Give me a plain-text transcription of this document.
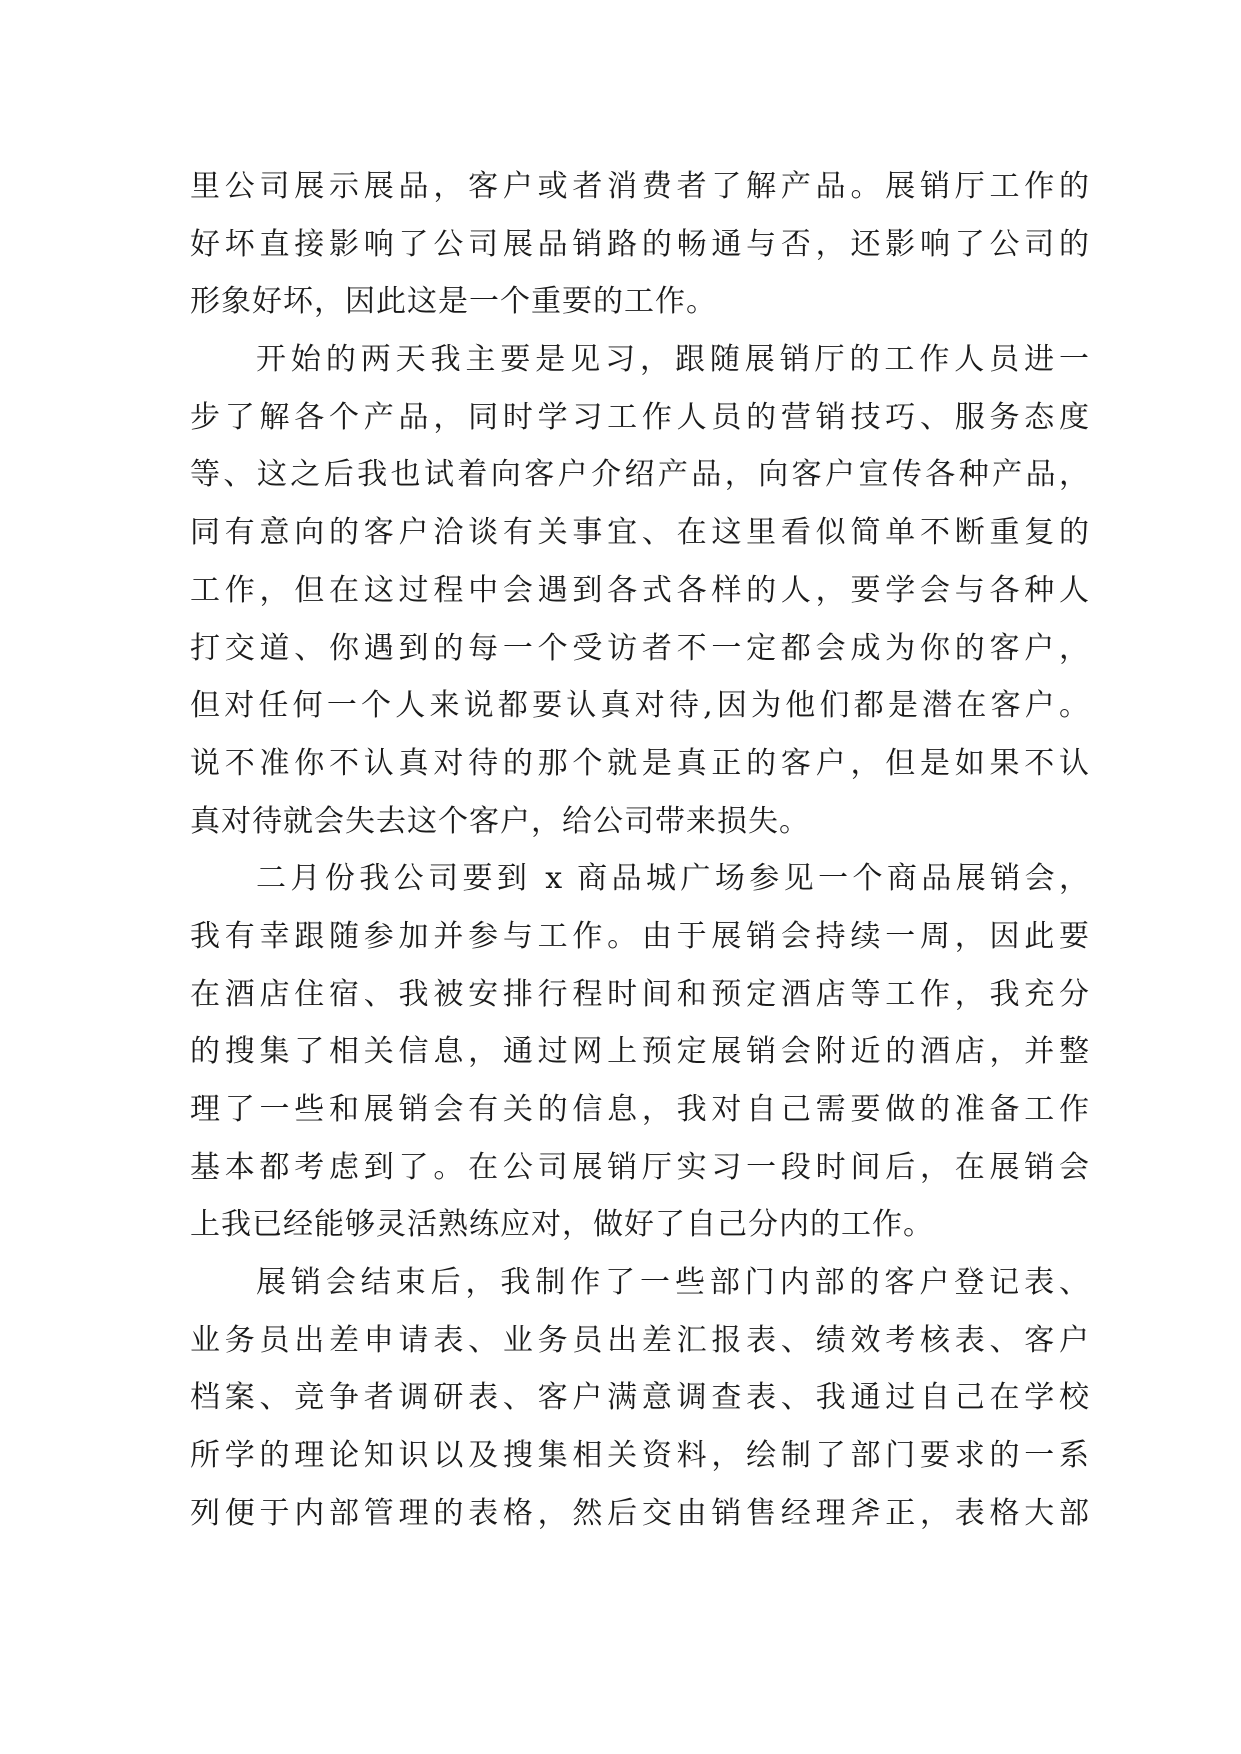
里公司展示展品，客户或者消费者了解产品。展销厅工作的
好坏直接影响了公司展品销路的畅通与否，还影响了公司的
形象好坏，因此这是一个重要的工作。
开始的两天我主要是见习，跟随展销厅的工作人员进一
步了解各个产品，同时学习工作人员的营销技巧、服务态度
等、这之后我也试着向客户介绍产品，向客户宣传各种产品，
同有意向的客户洽谈有关事宜、在这里看似简单不断重复的
工作，但在这过程中会遇到各式各样的人，要学会与各种人
打交道、你遇到的每一个受访者不一定都会成为你的客户，
但对任何一个人来说都要认真对待,因为他们都是潜在客户。
说不准你不认真对待的那个就是真正的客户，但是如果不认
真对待就会失去这个客户，给公司带来损失。
二月份我公司要到 x 商品城广场参见一个商品展销会，
我有幸跟随参加并参与工作。由于展销会持续一周，因此要
在酒店住宿、我被安排行程时间和预定酒店等工作，我充分
的搜集了相关信息，通过网上预定展销会附近的酒店，并整
理了一些和展销会有关的信息，我对自己需要做的准备工作
基本都考虑到了。在公司展销厅实习一段时间后，在展销会
上我已经能够灵活熟练应对，做好了自己分内的工作。
展销会结束后，我制作了一些部门内部的客户登记表、
业务员出差申请表、业务员出差汇报表、绩效考核表、客户
档案、竞争者调研表、客户满意调查表、我通过自己在学校
所学的理论知识以及搜集相关资料，绘制了部门要求的一系
列便于内部管理的表格，然后交由销售经理斧正，表格大部
